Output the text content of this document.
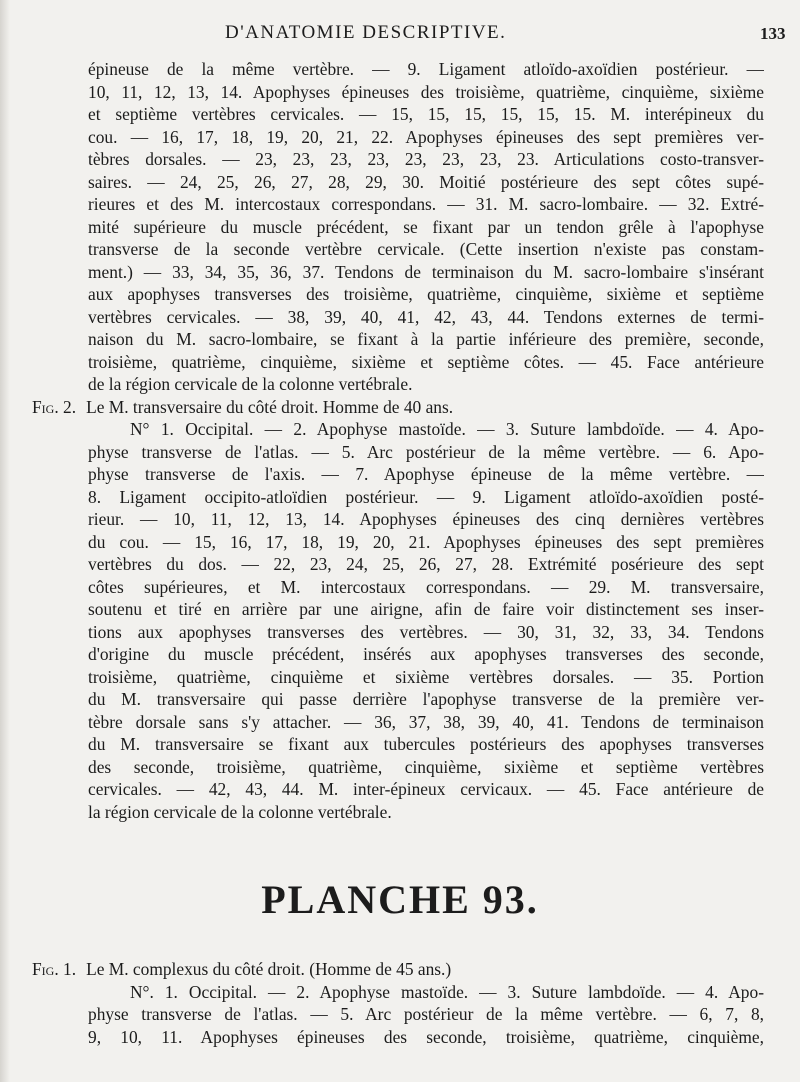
D'ANATOMIE DESCRIPTIVE.	133
épineuse de la même vertèbre. — 9. Ligament atloïdo-axoïdien postérieur. —
10, 11, 12, 13, 14. Apophyses épineuses des troisième, quatrième, cinquième, sixième
et septième vertèbres cervicales. — 15, 15, 15, 15, 15, 15. M. interépineux du
cou. — 16, 17, 18, 19, 20, 21, 22. Apophyses épineuses des sept premières ver-
tèbres dorsales. — 23, 23, 23, 23, 23, 23, 23, 23. Articulations costo-transver-
saires. — 24, 25, 26, 27, 28, 29, 30. Moitié postérieure des sept côtes supé-
rieures et des M. intercostaux correspondans. — 31. M. sacro-lombaire. — 32. Extré-
mité supérieure du muscle précédent, se fixant par un tendon grêle à l'apophyse
transverse de la seconde vertèbre cervicale. (Cette insertion n'existe pas constam-
ment.) — 33, 34, 35, 36, 37. Tendons de terminaison du M. sacro-lombaire s'insérant
aux apophyses transverses des troisième, quatrième, cinquième, sixième et septième
vertèbres cervicales. — 38, 39, 40, 41, 42, 43, 44. Tendons externes de termi-
naison du M. sacro-lombaire, se fixant à la partie inférieure des première, seconde,
troisième, quatrième, cinquième, sixième et septième côtes. — 45. Face antérieure
de la région cervicale de la colonne vertébrale.
Fig. 2. Le M. transversaire du côté droit. Homme de 40 ans.
N° 1. Occipital. — 2. Apophyse mastoïde. — 3. Suture lambdoïde. — 4. Apo-
physe transverse de l'atlas. — 5. Arc postérieur de la même vertèbre. — 6. Apo-
physe transverse de l'axis. — 7. Apophyse épineuse de la même vertèbre. —
8. Ligament occipito-atloïdien postérieur. — 9. Ligament atloïdo-axoïdien posté-
rieur. — 10, 11, 12, 13, 14. Apophyses épineuses des cinq dernières vertèbres
du cou. — 15, 16, 17, 18, 19, 20, 21. Apophyses épineuses des sept premières
vertèbres du dos. — 22, 23, 24, 25, 26, 27, 28. Extrémité posérieure des sept
côtes supérieures, et M. intercostaux correspondans. — 29. M. transversaire,
soutenu et tiré en arrière par une airigne, afin de faire voir distinctement ses inser-
tions aux apophyses transverses des vertèbres. — 30, 31, 32, 33, 34. Tendons
d'origine du muscle précédent, insérés aux apophyses transverses des seconde,
troisième, quatrième, cinquième et sixième vertèbres dorsales. — 35. Portion
du M. transversaire qui passe derrière l'apophyse transverse de la première ver-
tèbre dorsale sans s'y attacher. — 36, 37, 38, 39, 40, 41. Tendons de terminaison
du M. transversaire se fixant aux tubercules postérieurs des apophyses transverses
des seconde, troisième, quatrième, cinquième, sixième et septième vertèbres
cervicales. — 42, 43, 44. M. inter-épineux cervicaux. — 45. Face antérieure de
la région cervicale de la colonne vertébrale.
PLANCHE 93.
Fig. 1. Le M. complexus du côté droit. (Homme de 45 ans.)
N°. 1. Occipital. — 2. Apophyse mastoïde. — 3. Suture lambdoïde. — 4. Apo-
physe transverse de l'atlas. — 5. Arc postérieur de la même vertèbre. — 6, 7, 8,
9, 10, 11. Apophyses épineuses des seconde, troisième, quatrième, cinquième,
